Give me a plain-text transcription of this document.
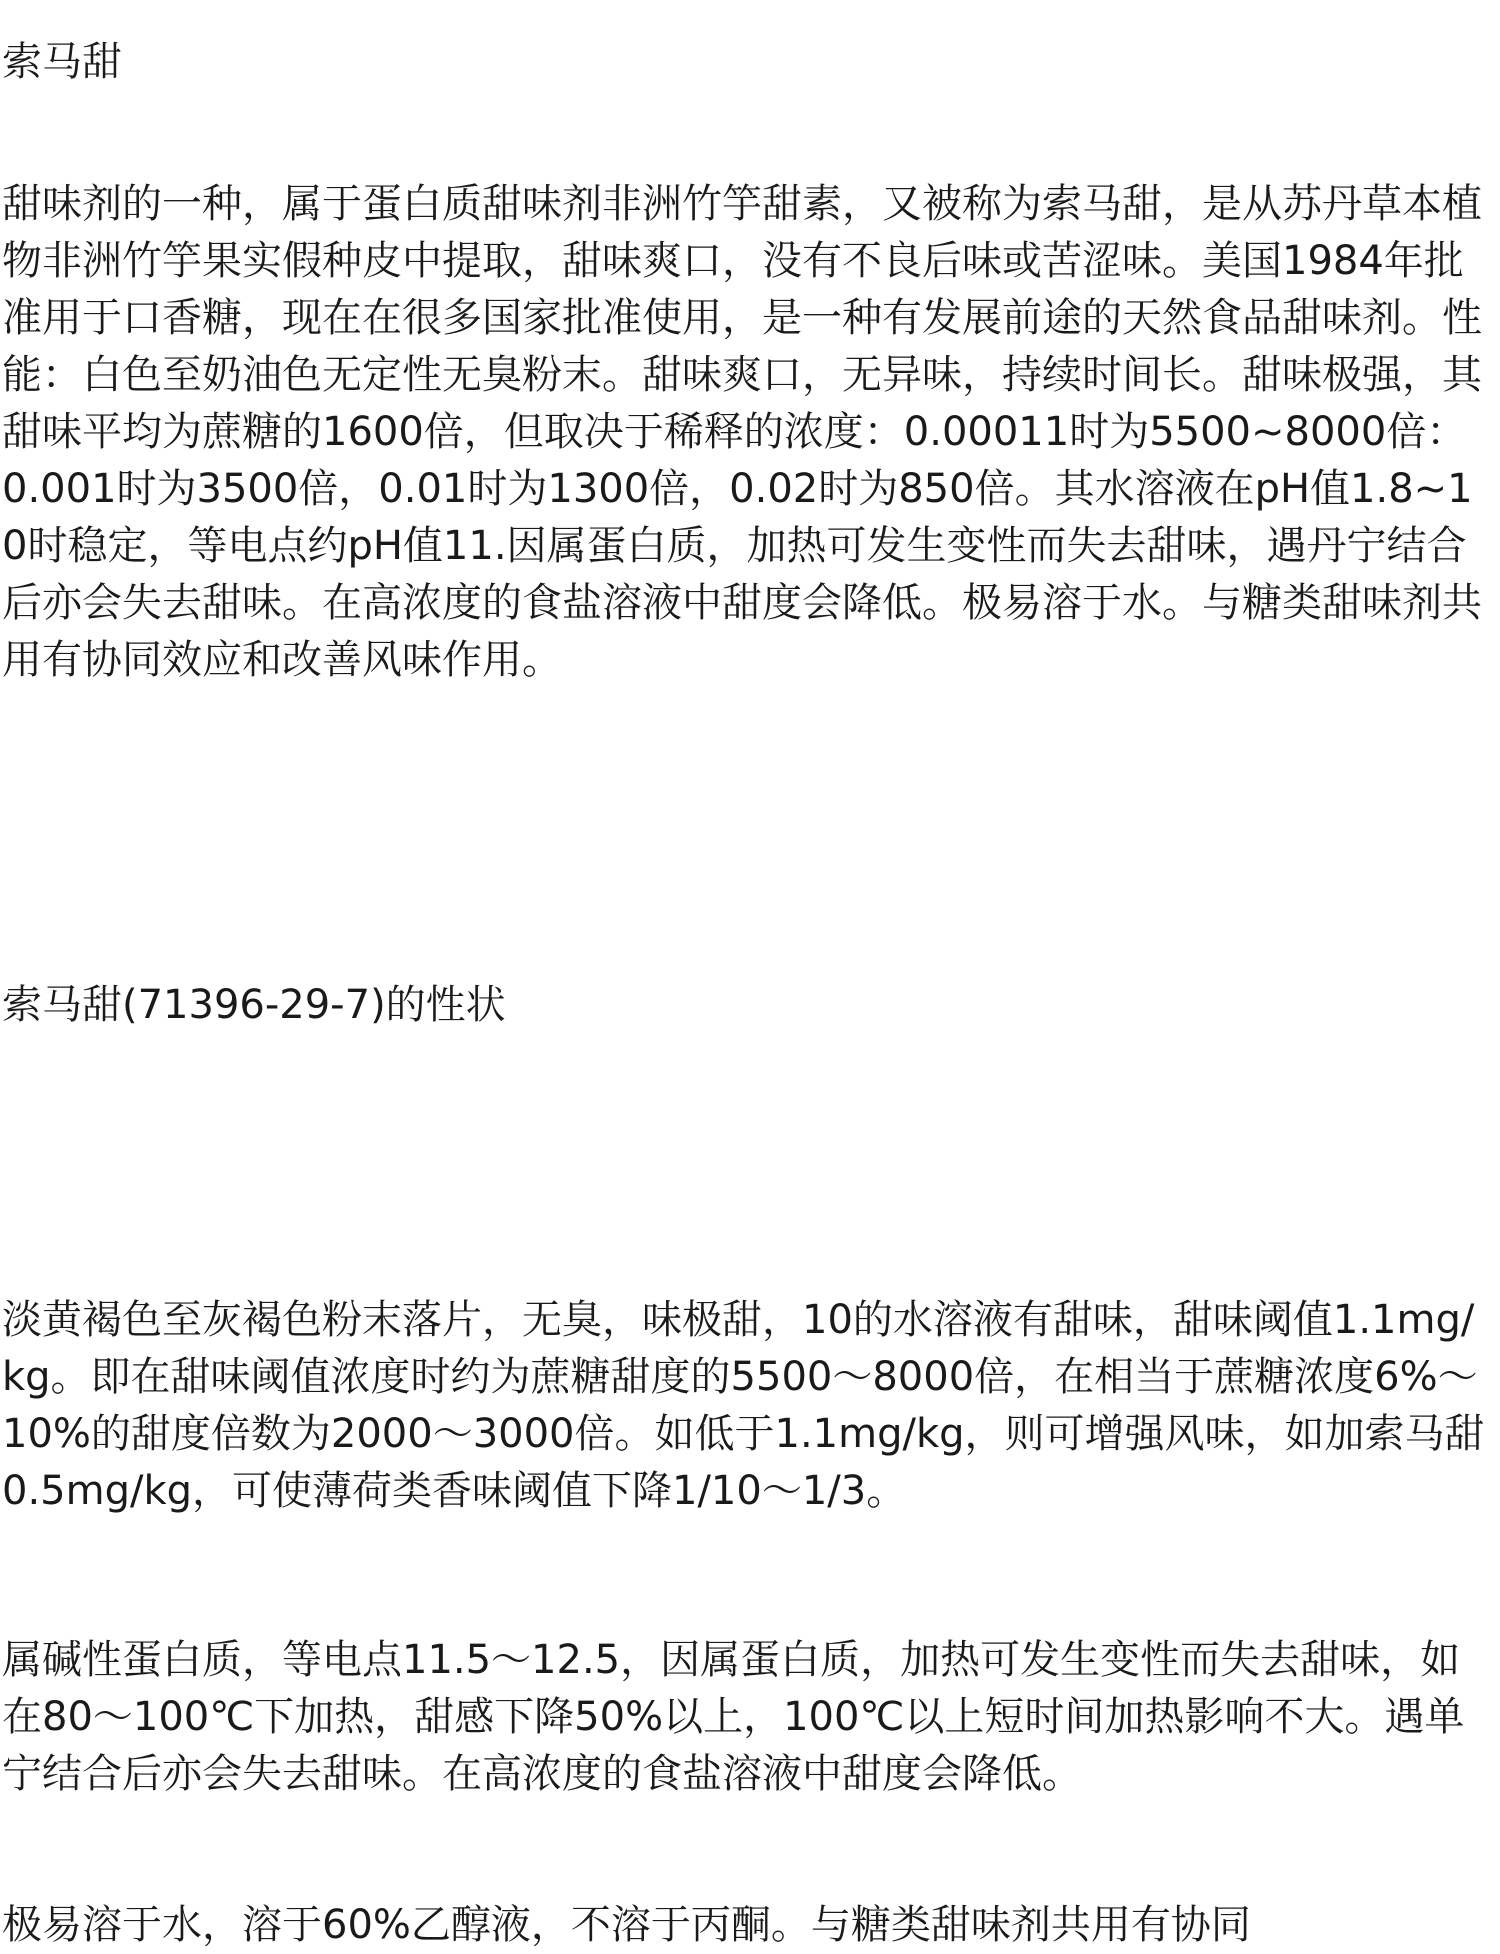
索马甜
甜味剂的一种，属于蛋白质甜味剂非洲竹竽甜素，又被称为索马甜，是从苏丹草本植物非洲竹竽果实假种皮中提取，甜味爽口，没有不良后味或苦涩味。美国1984年批准用于口香糖，现在在很多国家批准使用，是一种有发展前途的天然食品甜味剂。性能：白色至奶油色无定性无臭粉末。甜味爽口，无异味，持续时间长。甜味极强，其甜味平均为蔗糖的1600倍，但取决于稀释的浓度：0.00011时为5500~8000倍：0.001时为3500倍，0.01时为1300倍，0.02时为850倍。其水溶液在pH值1.8~10时稳定，等电点约pH值11.因属蛋白质，加热可发生变性而失去甜味，遇丹宁结合后亦会失去甜味。在高浓度的食盐溶液中甜度会降低。极易溶于水。与糖类甜味剂共用有协同效应和改善风味作用。
索马甜(71396-29-7)的性状
淡黄褐色至灰褐色粉末落片，无臭，味极甜，10的水溶液有甜味，甜味阈值1.1mg/kg。即在甜味阈值浓度时约为蔗糖甜度的5500～8000倍，在相当于蔗糖浓度6%～10%的甜度倍数为2000～3000倍。如低于1.1mg/kg，则可增强风味，如加索马甜0.5mg/kg，可使薄荷类香味阈值下降1/10～1/3。
属碱性蛋白质，等电点11.5～12.5，因属蛋白质，加热可发生变性而失去甜味，如在80～100℃下加热，甜感下降50%以上，100℃以上短时间加热影响不大。遇单宁结合后亦会失去甜味。在高浓度的食盐溶液中甜度会降低。
极易溶于水，溶于60%乙醇液，不溶于丙酮。与糖类甜味剂共用有协同
